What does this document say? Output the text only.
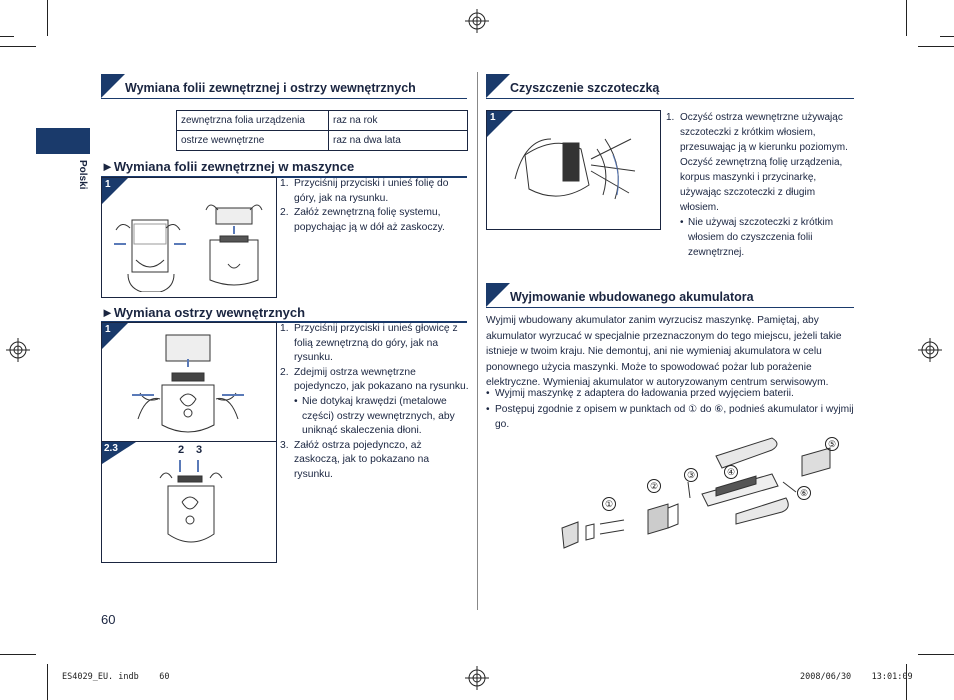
Polski
Wymiana folii zewnętrznej i ostrzy wewnętrznych
zewnętrzna folia urządzenia	raz na rok
ostrze wewnętrzne	raz na dwa lata
►Wymiana folii zewnętrznej w maszynce
1	1. Przyciśnij przyciski i unieś folię do góry, jak na rysunku.
2. Załóż zewnętrzną folię systemu, popychając ją w dół aż zaskoczy.
►Wymiana ostrzy wewnętrznych
1
2.3	2 3
1. Przyciśnij przyciski i unieś głowicę z folią zewnętrzną do góry, jak na rysunku.
2. Zdejmij ostrza wewnętrzne pojedynczo, jak pokazano na rysunku.
• Nie dotykaj krawędzi (metalowe części) ostrzy wewnętrznych, aby uniknąć skaleczenia dłoni.
3. Załóż ostrza pojedynczo, aż zaskoczą, jak to pokazano na rysunku.
60
Czyszczenie szczoteczką
1	1. Oczyść ostrza wewnętrzne używając szczoteczki z krótkim włosiem, przesuwając ją w kierunku poziomym.
Oczyść zewnętrzną folię urządzenia, korpus maszynki i przycinarkę, używając szczoteczki z długim włosiem.
• Nie używaj szczoteczki z krótkim włosiem do czyszczenia folii zewnętrznej.
Wyjmowanie wbudowanego akumulatora
Wyjmij wbudowany akumulator zanim wyrzucisz maszynkę. Pamiętaj, aby akumulator wyrzucać w specjalnie przeznaczonym do tego miejscu, jeżeli takie istnieje w twoim kraju. Nie demontuj, ani nie wymieniaj akumulatora w celu ponownego użycia maszynki. Może to spowodować pożar lub porażenie elektryczne. Wymieniaj akumulator w autoryzowanym centrum serwisowym.
• Wyjmij maszynkę z adaptera do ładowania przed wyjęciem baterii.
• Postępuj zgodnie z opisem w punktach od ① do ⑥, podnieś akumulator i wyjmij go.
①
②
③	④
⑤
⑥
ES4029_EU. indb    60	2008/06/30    13:01:09
